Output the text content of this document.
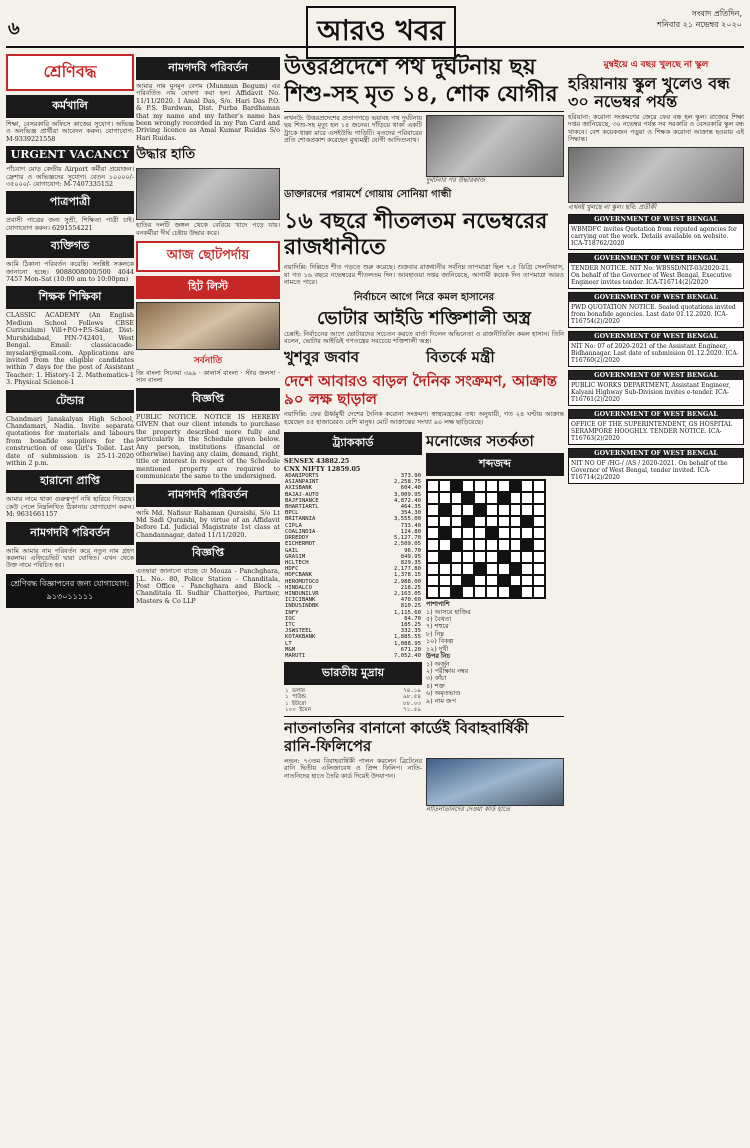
৬	আরও খবর
সংবাদ প্রতিদিন,
শনিবার ২১ নভেম্বর ২০২০
শ্রেণিবদ্ধ
কর্মখালি
শিক্ষা, বেসরকারি অফিসে কাজের সুযোগ। অভিজ্ঞ ও অনভিজ্ঞ প্রার্থীরা আবেদন করুন। যোগাযোগ: M-9339221558
URGENT VACANCY
পাঁচবাগ মোড় কেন্দ্রীয় Airport কর্মীরা প্রয়োজন। ফ্রেশার ও অভিজ্ঞদের সুযোগ। বেতন ১০০০০/- ৩৫০০০/- যোগাযোগ: M-7407335152
পাত্রপাত্রী
প্রবাসী পাত্রের জন্য সুশ্রী, শিক্ষিতা পাত্রী চাই। যোগাযোগ করুন। 6291554221
ব্যক্তিগত
আমি ঠিকানা পরিবর্তন করেছি। সংশ্লিষ্ট সকলকে জানানো হচ্ছে। 9088008000/500 4044 7457 Mon-Sat (10:00 am to 10:00pm)
শিক্ষক শিক্ষিকা
CLASSIC ACADEMY (An English Medium School Follows CBSE Curriculum) Vill+P.O+P.S-Salar, Dist-Murshidabad, PIN-742401, West Bengal. Email: classicacade-mysalar@gmail.com. Applications are invited from the eligible candidates within 7 days for the post of Assistant Teacher: 1. History-1 2. Mathematics-1 3. Physical Science-1
টেন্ডার
Chandmari Janakalyan High School, Chandamari, Nadia. Invite separate quotations for materials and labours from bonafide suppliers for the construction of one Girl's Toilet. Last date of submission is 25-11-2020 within 2 p.m.
হারানো প্রাপ্তি
আমার নামে থাকা গুরুত্বপূর্ণ নথি হারিয়ে গিয়েছে। কেউ পেলে নিম্নলিখিত ঠিকানায় যোগাযোগ করুন। M: 9631661157
নামগদবি পরিবর্তন
আমি আমার নাম পরিবর্তন করে নতুন নাম গ্রহণ করলাম। এফিডেভিট দ্বারা ঘোষিত। এখন থেকে উক্ত নামে পরিচিত হব।
শ্রেণিবদ্ধ বিজ্ঞাপনের জন্য যোগাযোগ: ৯১৩০১১১১১
নামগদবি পরিবর্তন
আমার নাম মুনমুন বেগম (Munmun Begum) এর পরিবর্তিত নাম ঘোষণা করা হল। Affidavit No. 11/11/2020. I Amal Das, S/o. Hari Das P.O. & P.S. Burdwan, Dist. Purba Bardhaman that my name and my father's name has been wrongly recorded in my Pan Card and Driving licence as Amal Kumar Ruidas S/o Hari Ruidas.
উদ্ধার হাতি
হাতির দলটি জঙ্গল থেকে বেরিয়ে খাদে পড়ে যায়। বনকর্মীরা দীর্ঘ চেষ্টায় উদ্ধার করে।
আজ ছোটপর্দায়
হিট লিস্ট
সর্বনাতি
জি বাংলা সিনেমা ৩৯৯ ‧ কালার্স বাংলা ‧ স্টার জলসা ‧ সান বাংলা
বিজ্ঞপ্তি
PUBLIC NOTICE. NOTICE IS HEREBY GIVEN that our client intends to purchase the property described more fully and particularly in the Schedule given below. Any person, institutions (financial or otherwise) having any claim, demand, right, title or interest in respect of the Schedule mentioned property are required to communicate the same to the undersigned.
নামগদবি পরিবর্তন
আমি Md. Nafisur Rahaman Quraishi, S/o Lt Md Sadi Quraishi, by virtue of an Affidavit before Ld. Judicial Magistrate 1st class at Chandannagar, dated 11/11/2020.
বিজ্ঞপ্তি
এতদ্বারা জানানো যাচ্ছে যে Mouza - Panchghara, J.L. No.- 80, Police Station - Chanditala, Post Office - Panchghara and Block - Chanditala II. Sudhir Chatterjee, Partner, Masters & Co LLP
উত্তরপ্রদেশে পথ দুর্ঘটনায় ছয় শিশু-সহ মৃত ১৪, শোক যোগীর
লখনউ: উত্তরপ্রদেশের প্রতাপগড়ে ভয়াবহ পথ দুর্ঘটনায় ছয় শিশু-সহ মৃত্যু হল ১৪ জনের। দাঁড়িয়ে থাকা একটি ট্রাকে ধাক্কা মারে এসইউভি গাড়িটি। মৃতদের পরিবারের প্রতি শোকপ্রকাশ করেছেন মুখ্যমন্ত্রী যোগী আদিত্যনাথ।
দুর্ঘটনার পর উদ্ধারকাজ
ডাক্তারদের পরামর্শে গোয়ায় সোনিয়া গান্ধী
১৬ বছরে শীতলতম নভেম্বরের রাজধানীতে
নয়াদিল্লি: দিল্লিতে শীত পড়তে শুরু করেছে। শুক্রবার রাজধানীর সর্বনিম্ন তাপমাত্রা ছিল ৭.৫ ডিগ্রি সেলসিয়াস, যা গত ১৬ বছরে নভেম্বরের শীতলতম দিন। আবহাওয়া দপ্তর জানিয়েছে, আগামী কয়েক দিন তাপমাত্রা আরও নামতে পারে।
নির্বাচনে আগে নিরে কমল হাসানের
ভোটার আইডি শক্তিশালী অস্ত্র
চেন্নাই: নির্বাচনের আগে ভোটারদের সচেতন করতে বার্তা দিলেন অভিনেতা ও রাজনীতিবিদ কমল হাসান। তিনি বলেন, ভোটার আইডিই গণতন্ত্রের সবচেয়ে শক্তিশালী অস্ত্র।
খুশবুর জবাব	বিতর্কে মন্ত্রী
দেশে আবারও বাড়ল দৈনিক সংক্রমণ, আক্রান্ত ৯০ লক্ষ ছাড়াল
নয়াদিল্লি: ফের ঊর্ধ্বমুখী দেশের দৈনিক করোনা সংক্রমণ। স্বাস্থ্যমন্ত্রকের তথ্য অনুযায়ী, গত ২৪ ঘণ্টায় আক্রান্ত হয়েছেন ৪৫ হাজারেরও বেশি মানুষ। মোট আক্রান্তের সংখ্যা ৯০ লক্ষ ছাড়িয়েছে।
ট্র্যাককার্ড
SENSEX 43882.25
CNX NIFTY 12859.05
ADANIPORTS	373.90
ASIANPAINT	2,258.75
AXISBANK	604.40
BAJAJ-AUTO	3,009.95
BAJFINANCE	4,872.40
BHARTIARTL	464.35
BPCL	354.30
BRITANNIA	3,555.00
CIPLA	733.40
COALINDIA	124.80
DRREDDY	5,127.70
EICHERMOT	2,509.05
GAIL	96.70
GRASIM	849.95
HCLTECH	829.35
HDFC	2,177.80
HDFCBANK	1,378.15
HEROMOTOCO	2,988.00
HINDALCO	218.25
HINDUNILVR	2,163.05
ICICIBANK	470.60
INDUSINDBK	810.25
INFY	1,115.60
IOC	84.70
ITC	185.25
JSWSTEEL	332.35
KOTAKBANK	1,885.55
LT	1,088.95
M&M	671.20
MARUTI	7,052.40
ভারতীয় মুদ্রায়
১ ডলার	৭৪.১৯
১ পাউন্ড	৯৮.৫৪
১ ইউরো	৮৮.০৩
১০০ ইয়েন	৭১.৫৯
মনোজের সতর্কতা
শব্দজব্দ
পাশাপাশি
১) আসরে হাজির
৫) বৈধতা
৭) শহুরে
৮) নিম্ন
১০) বিকল্প
১২) দুখী
উপর নিচ
১) অর্জুন
২) পরীক্ষায় নম্বর
৩) কাঁচা
৪) শক্ত
৬) অমৃতভাণ্ড
৯) নাম জপ
নাতনাতনির বানানো কার্ডেই বিবাহবার্ষিকী রানি-ফিলিপের
লন্ডন: ৭৩তম বিবাহবার্ষিকী পালন করলেন ব্রিটেনের রানি দ্বিতীয় এলিজাবেথ ও প্রিন্স ফিলিপ। নাতি-নাতনিদের হাতে তৈরি কার্ড দিয়েই উদযাপন।
নাতিনাতনিদের দেওয়া কার্ড হাতে
মুম্বইয়ে এ বছর খুলছে না স্কুল
হরিয়ানায় স্কুল খুলেও বন্ধ ৩০ নভেম্বর পর্যন্ত
হরিয়ানা: করোনা সংক্রমণের জেরে ফের বন্ধ হল স্কুল। রাজ্যের শিক্ষা দপ্তর জানিয়েছে, ৩০ নভেম্বর পর্যন্ত সব সরকারি ও বেসরকারি স্কুল বন্ধ থাকবে। বেশ কয়েকজন পড়ুয়া ও শিক্ষক করোনা আক্রান্ত হওয়ায় এই সিদ্ধান্ত।
এখনই খুলছে না স্কুল। ছবি: প্রতীকী
GOVERNMENT OF WEST BENGAL
WBMDFC invites Quotation from reputed agencies for carrying out the work. Details available on website. ICA-T18762/2020
GOVERNMENT OF WEST BENGAL
TENDER NOTICE. NIT No: WBSSD/NIT-03/2020-21. On behalf of the Governor of West Bengal, Executive Engineer invites tender. ICA-T16714(2)/2020
GOVERNMENT OF WEST BENGAL
PWD QUOTATION NOTICE. Sealed quotations invited from bonafide agencies. Last date 01.12.2020. ICA-T16754(2)/2020
GOVERNMENT OF WEST BENGAL
NIT No: 07 of 2020-2021 of the Assistant Engineer, Bidhannagar. Last date of submission 01.12.2020. ICA-T16760(2)/2020
GOVERNMENT OF WEST BENGAL
PUBLIC WORKS DEPARTMENT, Assistant Engineer, Kalyani Highway Sub-Division invites e-tender. ICA-T16761(2)/2020
GOVERNMENT OF WEST BENGAL
OFFICE OF THE SUPERINTENDENT, GS HOSPITAL SERAMPORE HOOGHLY. TENDER NOTICE. ICA-T16763(2)/2020
GOVERNMENT OF WEST BENGAL
NIT NO OF /HG-/ /AS / 2020-2021. On behalf of the Governor of West Bengal, tender invited. ICA-T16714(2)/2020
